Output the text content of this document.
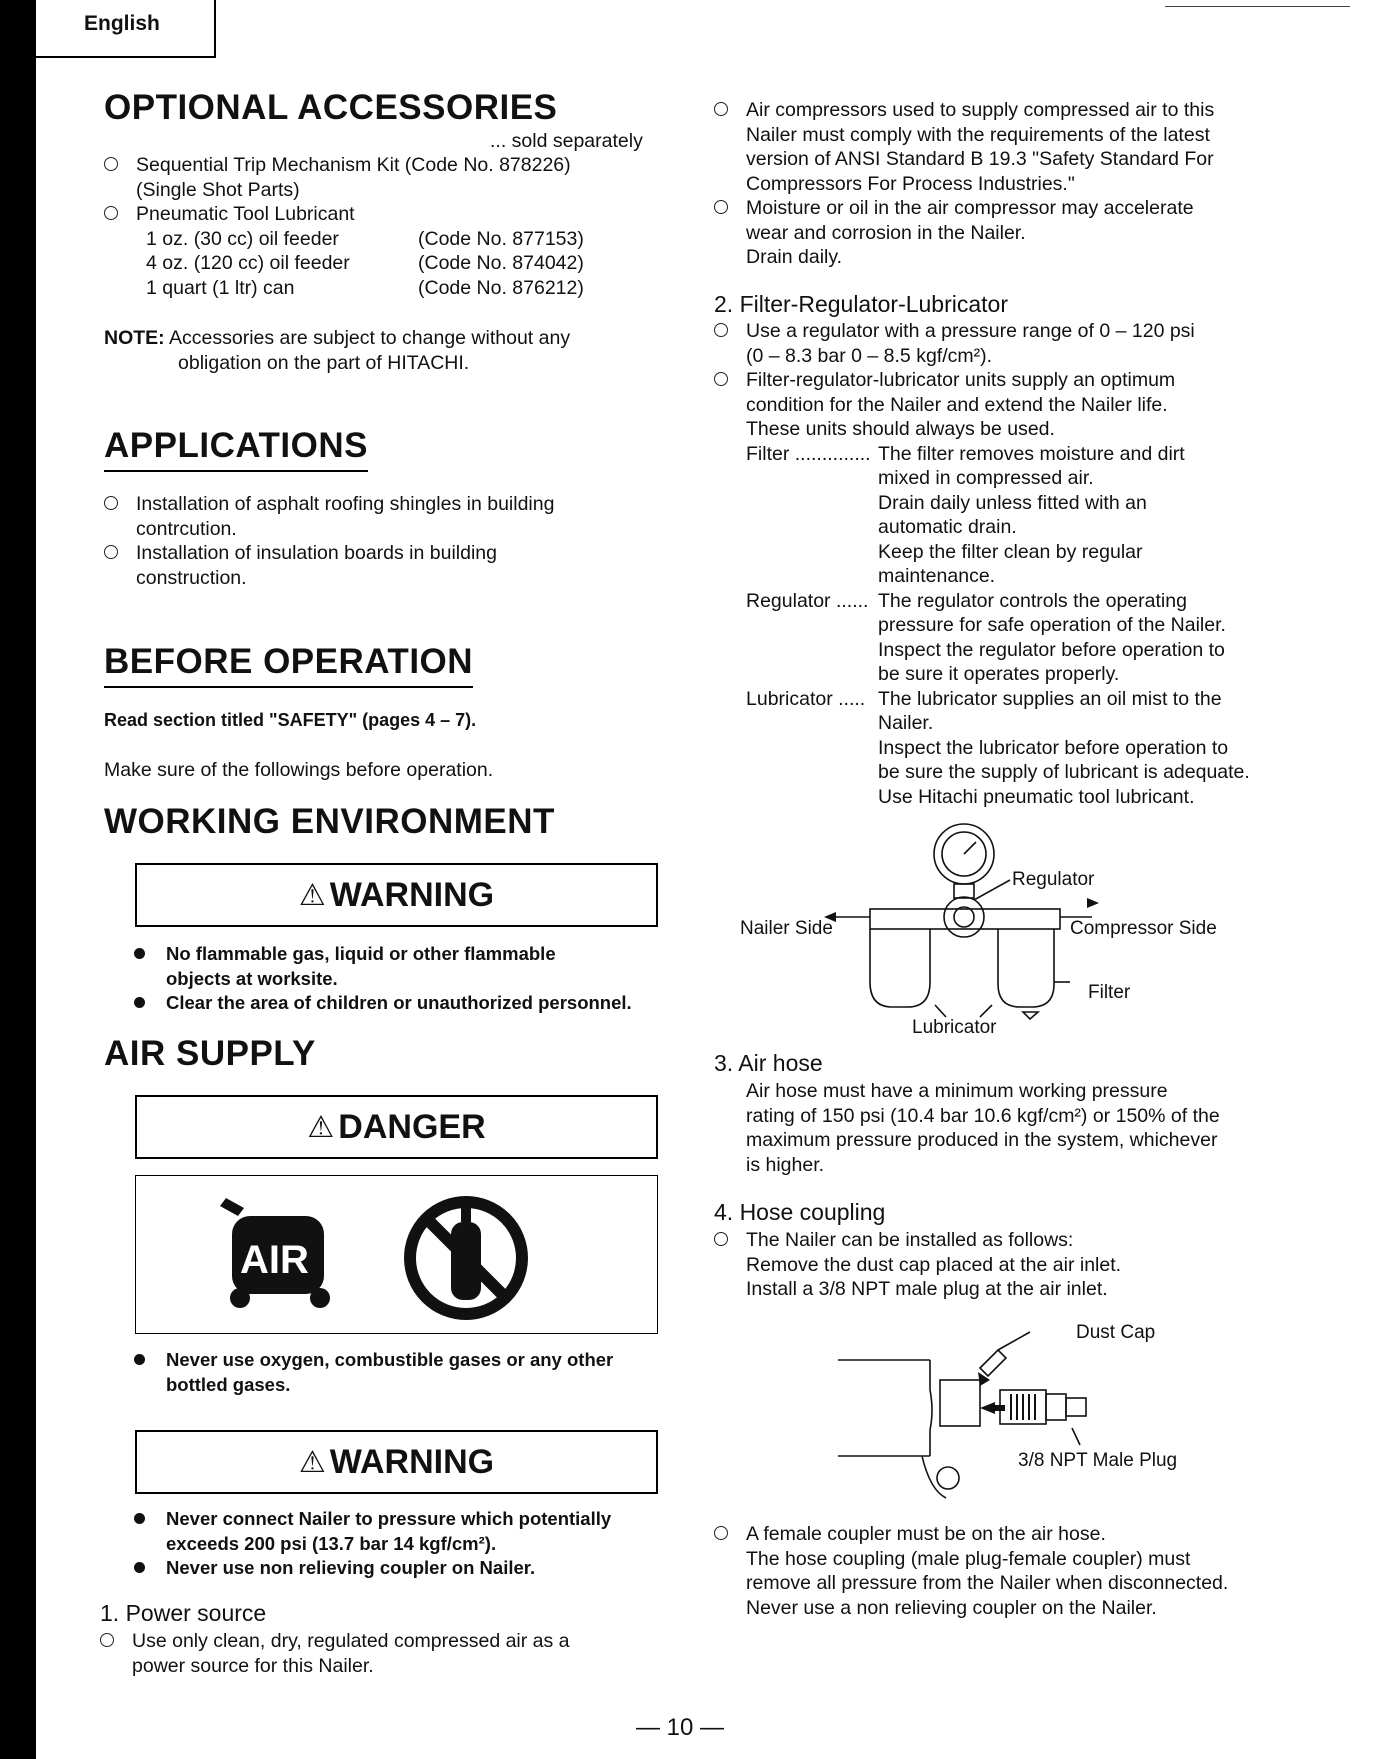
English
OPTIONAL ACCESSORIES
... sold separately
Sequential Trip Mechanism Kit (Code No. 878226)
(Single Shot Parts)
Pneumatic Tool Lubricant
1 oz. (30 cc) oil feeder	(Code No. 877153)
4 oz. (120 cc) oil feeder	(Code No. 874042)
1 quart (1 ltr) can	(Code No. 876212)
NOTE: Accessories are subject to change without any
obligation on the part of HITACHI.
APPLICATIONS
Installation of asphalt roofing shingles in building
contrcution.
Installation of insulation boards in building
construction.
BEFORE OPERATION
Read section titled "SAFETY" (pages 4 – 7).
Make sure of the followings before operation.
WORKING ENVIRONMENT
⚠ WARNING
No flammable gas, liquid or other flammable
objects at worksite.
Clear the area of children or unauthorized personnel.
AIR SUPPLY
⚠ DANGER
AIR
Never use oxygen, combustible gases or any other
bottled gases.
⚠ WARNING
Never connect Nailer to pressure which potentially
exceeds 200 psi (13.7 bar 14 kgf/cm²).
Never use non relieving coupler on Nailer.
1. Power source
Use only clean, dry, regulated compressed air as a
power source for this Nailer.
Air compressors used to supply compressed air to this
Nailer must comply with the requirements of the latest
version of ANSI Standard B 19.3 "Safety Standard For
Compressors For Process Industries."
Moisture or oil in the air compressor may accelerate
wear and corrosion in the Nailer.
Drain daily.
2. Filter-Regulator-Lubricator
Use a regulator with a pressure range of 0 – 120 psi
(0 – 8.3 bar 0 – 8.5 kgf/cm²).
Filter-regulator-lubricator units supply an optimum
condition for the Nailer and extend the Nailer life.
These units should always be used.
Filter .............. The filter removes moisture and dirt
mixed in compressed air.
Drain daily unless fitted with an
automatic drain.
Keep the filter clean by regular
maintenance.
Regulator ...... The regulator controls the operating
pressure for safe operation of the Nailer.
Inspect the regulator before operation to
be sure it operates properly.
Lubricator ..... The lubricator supplies an oil mist to the
Nailer.
Inspect the lubricator before operation to
be sure the supply of lubricant is adequate.
Use Hitachi pneumatic tool lubricant.
Regulator
Nailer Side	Compressor Side
Filter
Lubricator
3. Air hose
Air hose must have a minimum working pressure
rating of 150 psi (10.4 bar 10.6 kgf/cm²) or 150% of the
maximum pressure produced in the system, whichever
is higher.
4. Hose coupling
The Nailer can be installed as follows:
Remove the dust cap placed at the air inlet.
Install a 3/8 NPT male plug at the air inlet.
Dust Cap
3/8 NPT Male Plug
A female coupler must be on the air hose.
The hose coupling (male plug-female coupler) must
remove all pressure from the Nailer when disconnected.
Never use a non relieving coupler on the Nailer.
— 10 —
